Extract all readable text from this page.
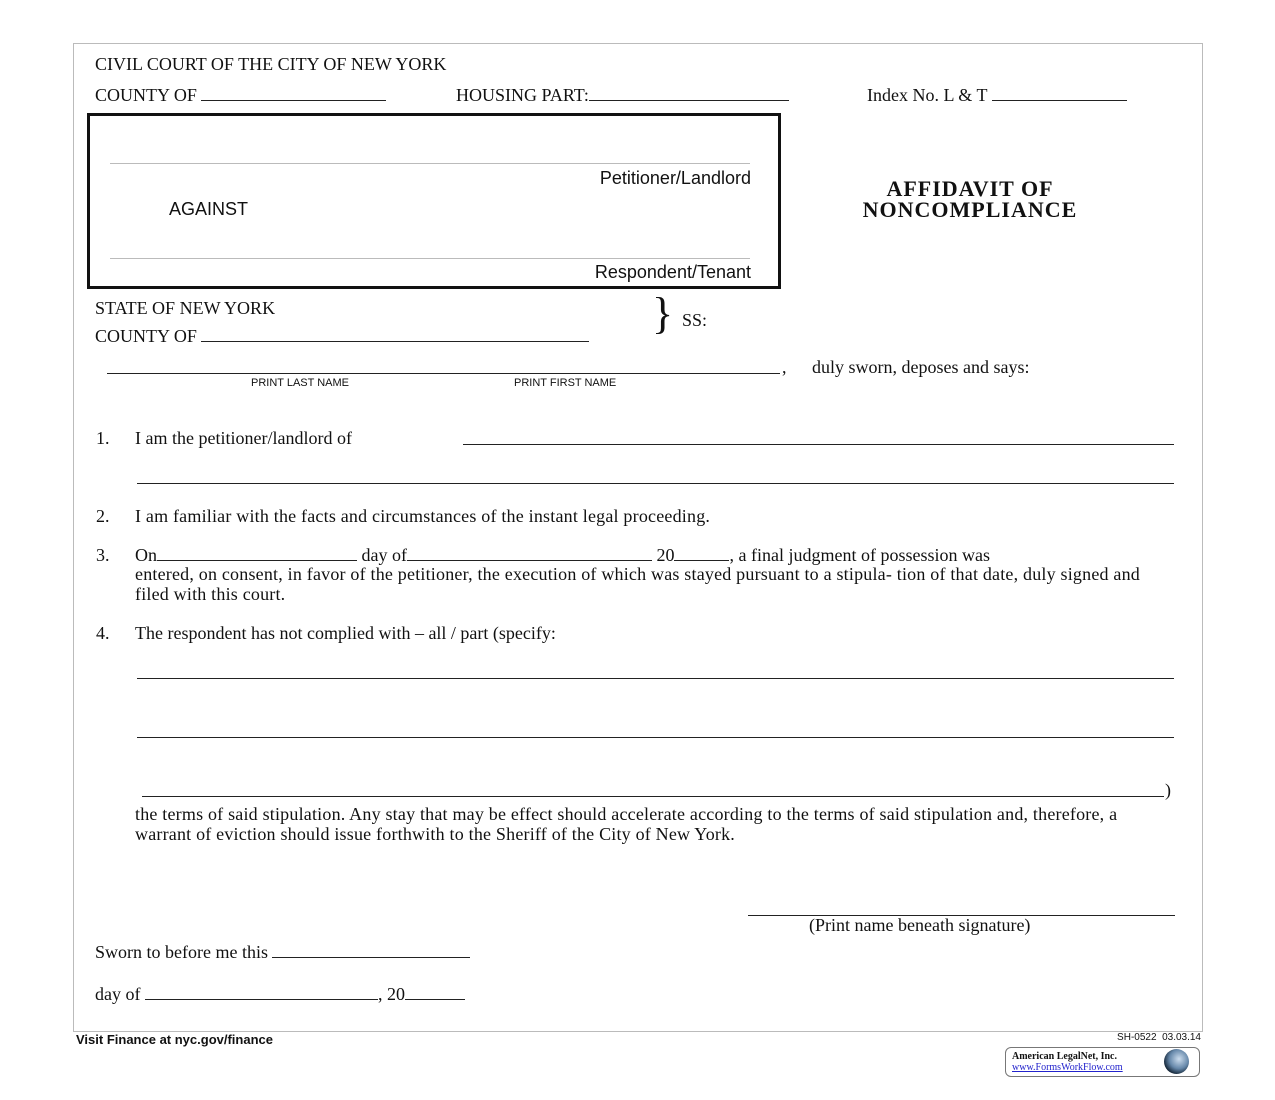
CIVIL COURT OF THE CITY OF NEW YORK
COUNTY OF	HOUSING PART:	Index No. L & T
Petitioner/Landlord
AGAINST
Respondent/Tenant
AFFIDAVIT OF
NONCOMPLIANCE
STATE OF NEW YORK
COUNTY OF	} SS:
, duly sworn, deposes and says:
PRINT LAST NAME	PRINT FIRST NAME
1. I am the petitioner/landlord of
2. I am familiar with the facts and circumstances of the instant legal proceeding.
3. On	day of	20	, a final judgment of possession was
entered, on consent, in favor of the petitioner, the execution of which was stayed pursuant to a stipula- tion of that date, duly signed and filed with this court.
4. The respondent has not complied with – all / part (specify:
)
the terms of said stipulation. Any stay that may be effect should accelerate according to the terms of said stipulation and, therefore, a warrant of eviction should issue forthwith to the Sheriff of the City of New York.
(Print name beneath signature)
Sworn to before me this
day of	, 20
Visit Finance at nyc.gov/finance	SH-0522  03.03.14
American LegalNet, Inc.
www.FormsWorkFlow.com
